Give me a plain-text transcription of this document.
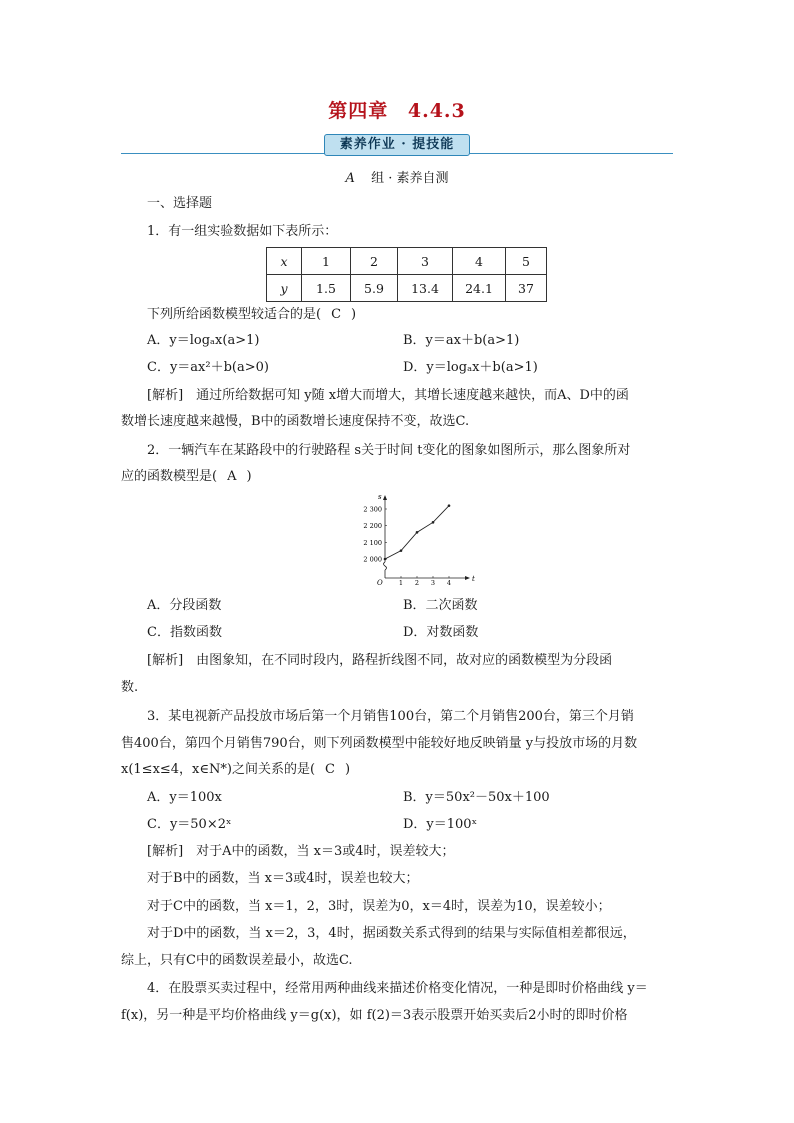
第四章 4.4.3
素养作业 · 提技能
A 组 · 素养自测
一、选择题
1．有一组实验数据如下表所示：
x	1	2	3	4	5
y	1.5	5.9	13.4	24.1	37
下列所给函数模型较适合的是( C )
A．y＝logₐx(a>1)	B．y＝ax＋b(a>1)
C．y＝ax²＋b(a>0)	D．y＝logₐx＋b(a>1)
[解析]　通过所给数据可知 y随 x增大而增大，其增长速度越来越快，而A、D中的函
数增长速度越来越慢，B中的函数增长速度保持不变，故选C.
2．一辆汽车在某路段中的行驶路程 s关于时间 t变化的图象如图所示，那么图象所对
应的函数模型是( A )
s
t
O
2 000
2 100
2 200
2 300
1 2 3 4
A．分段函数	B．二次函数
C．指数函数	D．对数函数
[解析]　由图象知，在不同时段内，路程折线图不同，故对应的函数模型为分段函
数.
3．某电视新产品投放市场后第一个月销售100台，第二个月销售200台，第三个月销
售400台，第四个月销售790台，则下列函数模型中能较好地反映销量 y与投放市场的月数
x(1≤x≤4，x∈N*)之间关系的是( C )
A．y＝100x	B．y＝50x²－50x＋100
C．y＝50×2ˣ	D．y＝100ˣ
[解析]　对于A中的函数，当 x＝3或4时，误差较大；
对于B中的函数，当 x＝3或4时，误差也较大；
对于C中的函数，当 x＝1，2，3时，误差为0，x＝4时，误差为10，误差较小；
对于D中的函数，当 x＝2，3，4时，据函数关系式得到的结果与实际值相差都很远，
综上，只有C中的函数误差最小，故选C.
4．在股票买卖过程中，经常用两种曲线来描述价格变化情况，一种是即时价格曲线 y＝
f(x)，另一种是平均价格曲线 y＝g(x)，如 f(2)＝3表示股票开始买卖后2小时的即时价格
